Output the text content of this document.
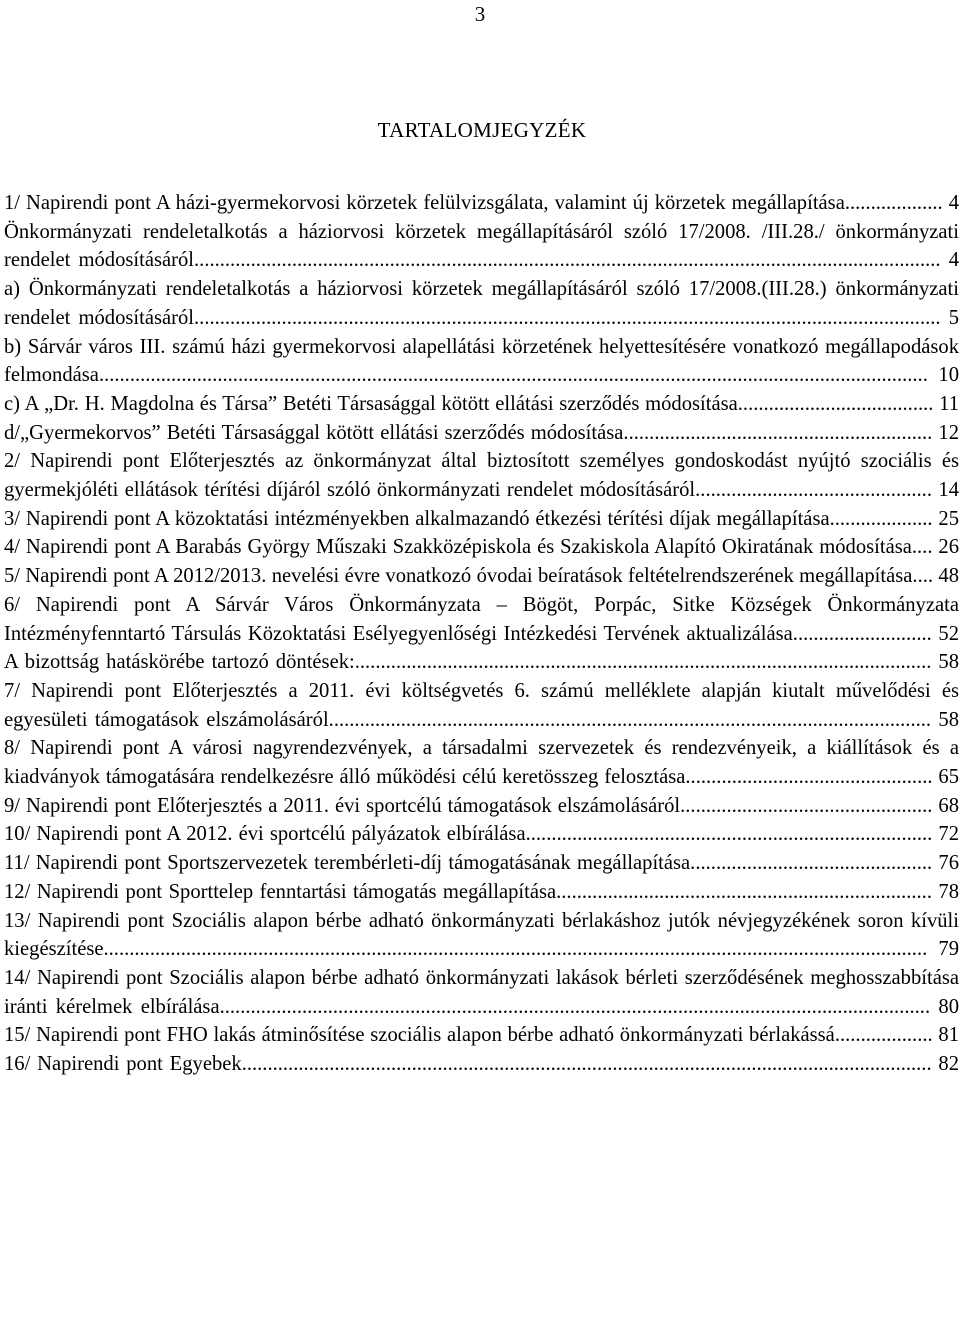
3
TARTALOMJEGYZÉK
1/ Napirendi pont A házi-gyermekorvosi körzetek felülvizsgálata, valamint új körzetek megállapítása................... 4
Önkormányzati rendeletalkotás a háziorvosi körzetek megállapításáról szóló 17/2008. /III.28./ önkormányzati rendelet módosításáról................................................................................................................................................. 4
a) Önkormányzati rendeletalkotás a háziorvosi körzetek megállapításáról szóló 17/2008.(III.28.) önkormányzati rendelet módosításáról................................................................................................................................................. 5
b) Sárvár város III. számú házi gyermekorvosi alapellátási körzetének helyettesítésére vonatkozó megállapodások felmondása................................................................................................................................................................. 10
c) A „Dr. H. Magdolna és Társa” Betéti Társasággal kötött ellátási szerződés módosítása...................................... 11
d/„Gyermekorvos” Betéti Társasággal kötött ellátási szerződés módosítása............................................................ 12
2/ Napirendi pont Előterjesztés az önkormányzat által biztosított személyes gondoskodást nyújtó szociális és gyermekjóléti ellátások térítési díjáról szóló önkormányzati rendelet módosításáról.............................................. 14
3/ Napirendi pont A közoktatási intézményekben alkalmazandó étkezési térítési díjak megállapítása.................... 25
4/ Napirendi pont A Barabás György Műszaki Szakközépiskola és Szakiskola Alapító Okiratának módosítása.... 26
5/ Napirendi pont A 2012/2013. nevelési évre vonatkozó óvodai beíratások feltételrendszerének megállapítása.... 48
6/ Napirendi pont A Sárvár Város Önkormányzata – Bögöt, Porpác, Sitke Községek Önkormányzata Intézményfenntartó Társulás Közoktatási Esélyegyenlőségi Intézkedési Tervének aktualizálása........................... 52
A bizottság hatáskörébe tartozó döntések:................................................................................................................ 58
7/ Napirendi pont Előterjesztés a 2011. évi költségvetés 6. számú melléklete alapján kiutalt művelődési és egyesületi támogatások elszámolásáról..................................................................................................................... 58
8/ Napirendi pont A városi nagyrendezvények, a társadalmi szervezetek és rendezvényeik, a kiállítások és a kiadványok támogatására rendelkezésre álló működési célú keretösszeg felosztása................................................ 65
9/ Napirendi pont Előterjesztés a 2011. évi sportcélú támogatások elszámolásáról................................................. 68
10/ Napirendi pont A 2012. évi sportcélú pályázatok elbírálása............................................................................... 72
11/ Napirendi pont Sportszervezetek terembérleti-díj támogatásának megállapítása............................................... 76
12/ Napirendi pont Sporttelep fenntartási támogatás megállapítása......................................................................... 78
13/ Napirendi pont Szociális alapon bérbe adható önkormányzati bérlakáshoz jutók névjegyzékének soron kívüli kiegészítése................................................................................................................................................................ 79
14/ Napirendi pont Szociális alapon bérbe adható önkormányzati lakások bérleti szerződésének meghosszabbítása iránti kérelmek elbírálása.......................................................................................................................................... 80
15/ Napirendi pont FHO lakás átminősítése szociális alapon bérbe adható önkormányzati bérlakássá................... 81
16/ Napirendi pont Egyebek...................................................................................................................................... 82
